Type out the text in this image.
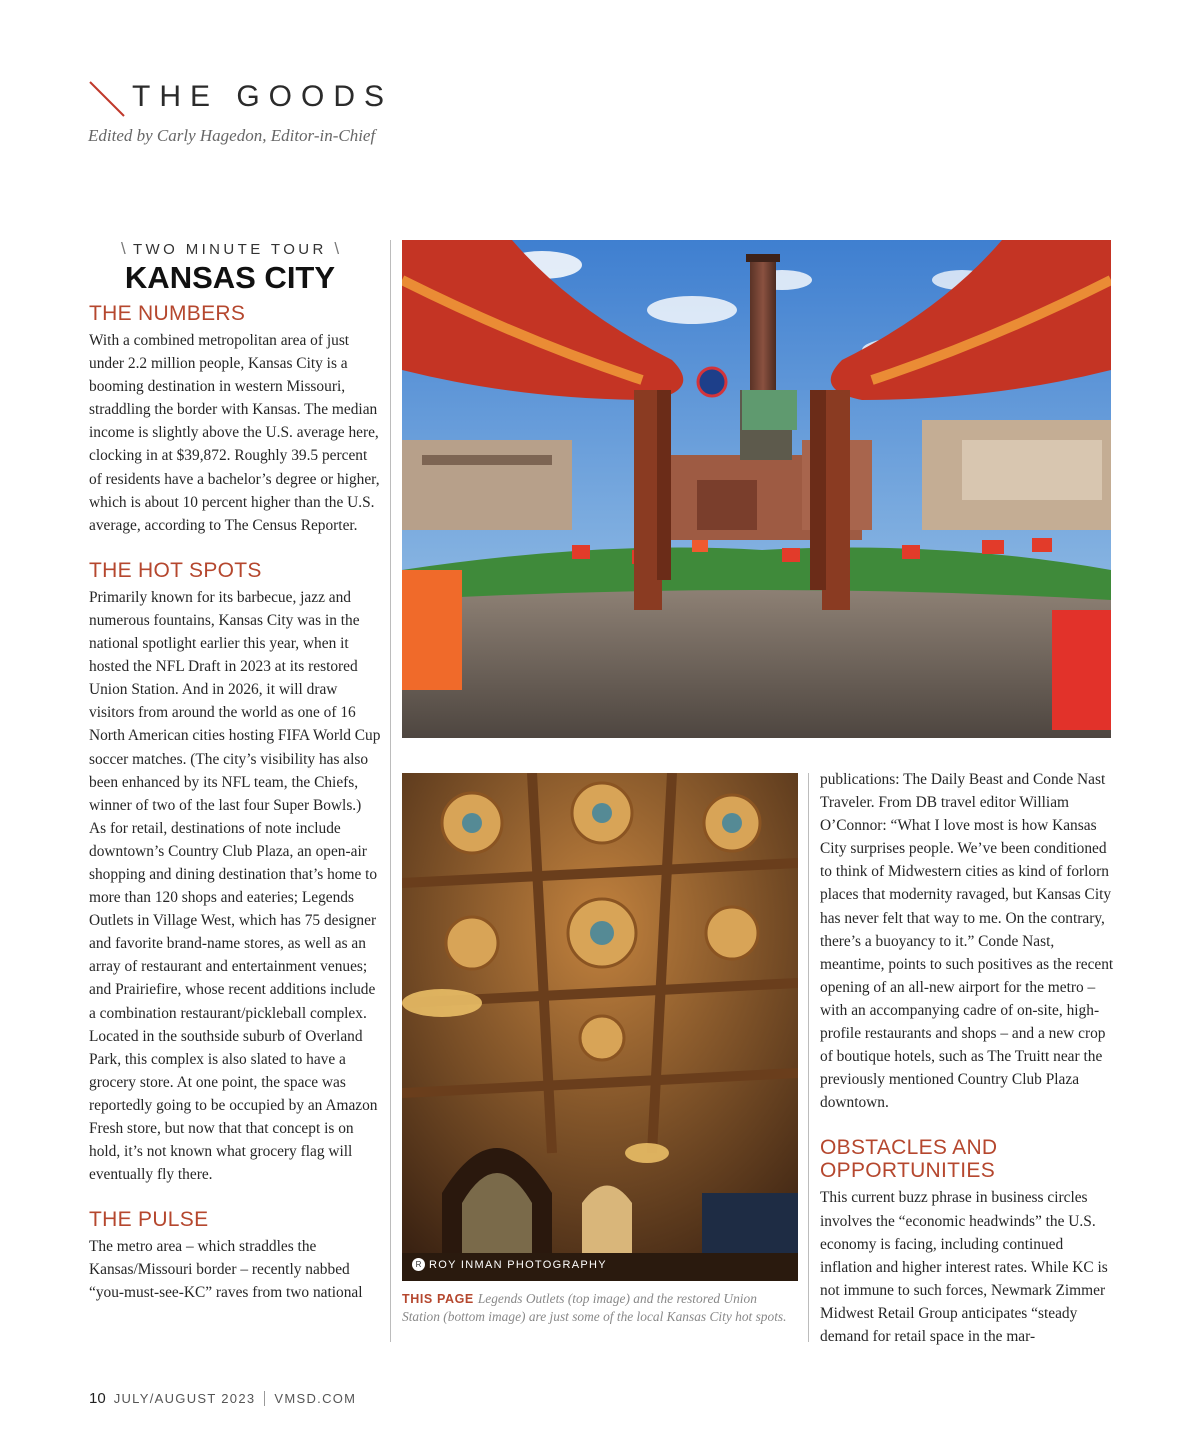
THE GOODS
Edited by Carly Hagedon, Editor-in-Chief
\ TWO MINUTE TOUR \
KANSAS CITY
THE NUMBERS

With a combined metropolitan area of just under 2.2 million people, Kansas City is a booming destination in western Missouri, straddling the border with Kansas. The median income is slightly above the U.S. average here, clocking in at $39,872. Roughly 39.5 percent of residents have a bachelor’s degree or higher, which is about 10 percent higher than the U.S. average, according to The Census Reporter.

THE HOT SPOTS

Primarily known for its barbecue, jazz and numerous fountains, Kansas City was in the national spotlight earlier this year, when it hosted the NFL Draft in 2023 at its restored Union Station. And in 2026, it will draw visitors from around the world as one of 16 North American cities hosting FIFA World Cup soccer matches. (The city’s visibility has also been enhanced by its NFL team, the Chiefs, winner of two of the last four Super Bowls.) As for retail, destinations of note include downtown’s Country Club Plaza, an open-air shopping and dining destination that’s home to more than 120 shops and eateries; Legends Outlets in Village West, which has 75 designer and favorite brand-name stores, as well as an array of restaurant and entertainment venues; and Prairiefire, whose recent additions include a combination restaurant/pickleball complex. Located in the southside suburb of Overland Park, this complex is also slated to have a grocery store. At one point, the space was reportedly going to be occupied by an Amazon Fresh store, but now that that concept is on hold, it’s not known what grocery flag will eventually fly there.

THE PULSE

The metro area – which straddles the Kansas/Missouri border – recently nabbed “you-must-see-KC” raves from two national

R ROY INMAN PHOTOGRAPHY
THIS PAGE Legends Outlets (top image) and the restored Union Station (bottom image) are just some of the local Kansas City hot spots.

publications: The Daily Beast and Conde Nast Traveler. From DB travel editor William O’Connor: “What I love most is how Kansas City surprises people. We’ve been conditioned to think of Midwestern cities as kind of forlorn places that modernity ravaged, but Kansas City has never felt that way to me. On the contrary, there’s a buoyancy to it.” Conde Nast, meantime, points to such positives as the recent opening of an all-new airport for the metro – with an accompanying cadre of on-site, high-profile restaurants and shops – and a new crop of boutique hotels, such as The Truitt near the previously mentioned Country Club Plaza downtown.

OBSTACLES AND OPPORTUNITIES

This current buzz phrase in business circles involves the “economic headwinds” the U.S. economy is facing, including continued inflation and higher interest rates. While KC is not immune to such forces, Newmark Zimmer Midwest Retail Group anticipates “steady demand for retail space in the mar-

10 JULY/AUGUST 2023 VMSD.COM
